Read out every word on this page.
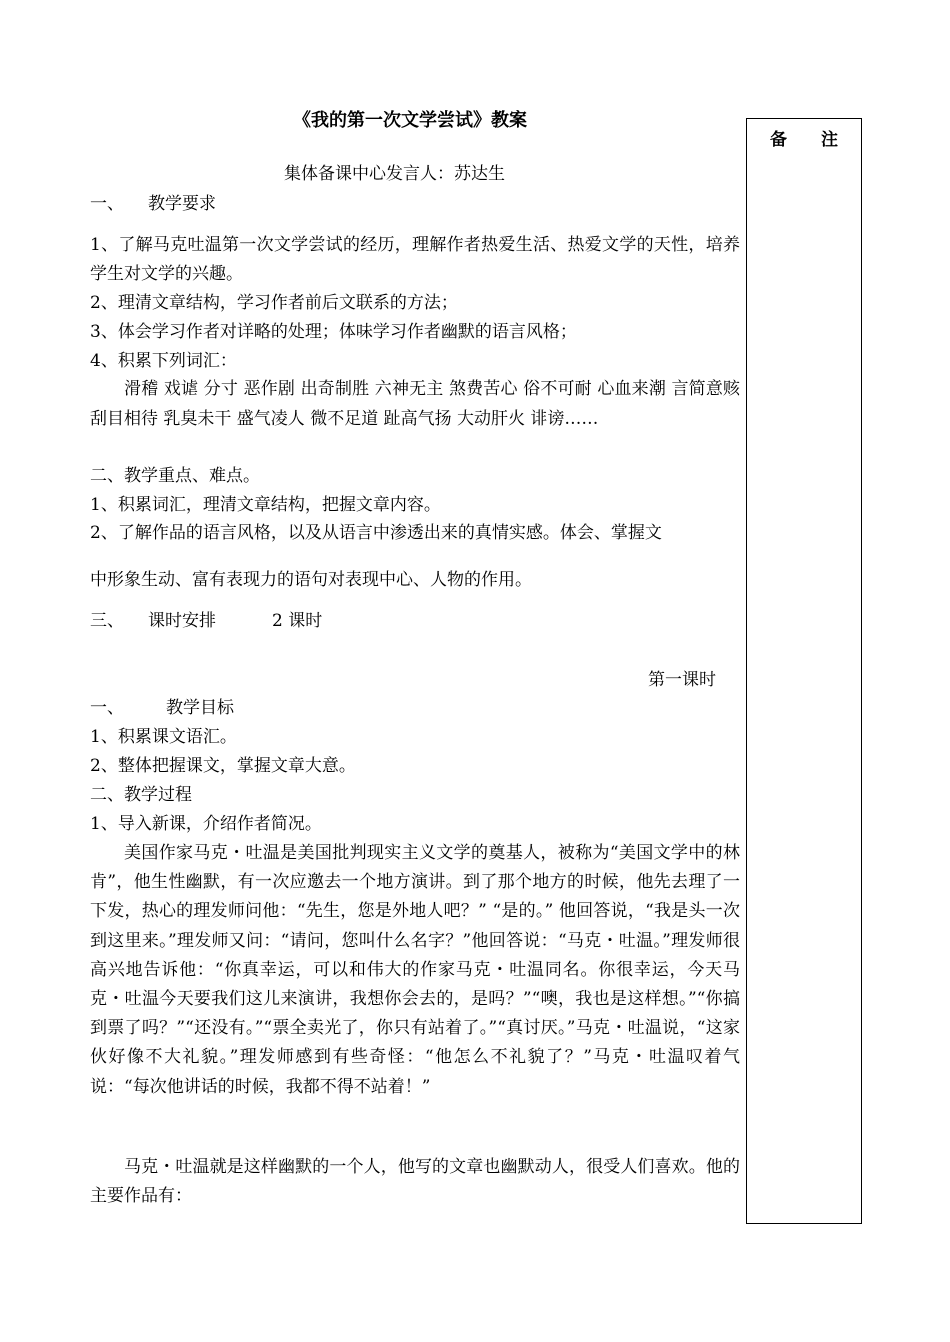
《我的第一次文学尝试》教案
备 注
集体备课中心发言人：苏达生
一、 教学要求
1、了解马克吐温第一次文学尝试的经历，理解作者热爱生活、热爱文学的天性，培养学生对文学的兴趣。
2、理清文章结构，学习作者前后文联系的方法；
3、体会学习作者对详略的处理；体味学习作者幽默的语言风格；
4、积累下列词汇：
滑稽 戏谑 分寸 恶作剧 出奇制胜 六神无主 煞费苦心 俗不可耐 心血来潮 言简意赅 刮目相待 乳臭未干 盛气凌人 微不足道 趾高气扬 大动肝火 诽谤……
二、教学重点、难点。
1、积累词汇，理清文章结构，把握文章内容。
2、了解作品的语言风格，以及从语言中渗透出来的真情实感。体会、掌握文
中形象生动、富有表现力的语句对表现中心、人物的作用。
三、 课时安排	2 课时
第一课时
一、 教学目标
1、积累课文语汇。
2、整体把握课文，掌握文章大意。
二、教学过程
1、导入新课，介绍作者简况。
美国作家马克・吐温是美国批判现实主义文学的奠基人，被称为“美国文学中的林肯”，他生性幽默，有一次应邀去一个地方演讲。到了那个地方的时候，他先去理了一下发，热心的理发师问他：“先生，您是外地人吧？” “是的。” 他回答说，“我是头一次到这里来。”理发师又问：“请问，您叫什么名字？”他回答说：“马克・吐温。”理发师很高兴地告诉他：“你真幸运，可以和伟大的作家马克・吐温同名。你很幸运，今天马克・吐温今天要我们这儿来演讲，我想你会去的，是吗？”“噢，我也是这样想。”“你搞到票了吗？”“还没有。”“票全卖光了，你只有站着了。”“真讨厌。”马克・吐温说，“这家伙好像不大礼貌。”理发师感到有些奇怪：“他怎么不礼貌了？”马克・吐温叹着气说：“每次他讲话的时候，我都不得不站着！”
马克・吐温就是这样幽默的一个人，他写的文章也幽默动人，很受人们喜欢。他的主要作品有：
